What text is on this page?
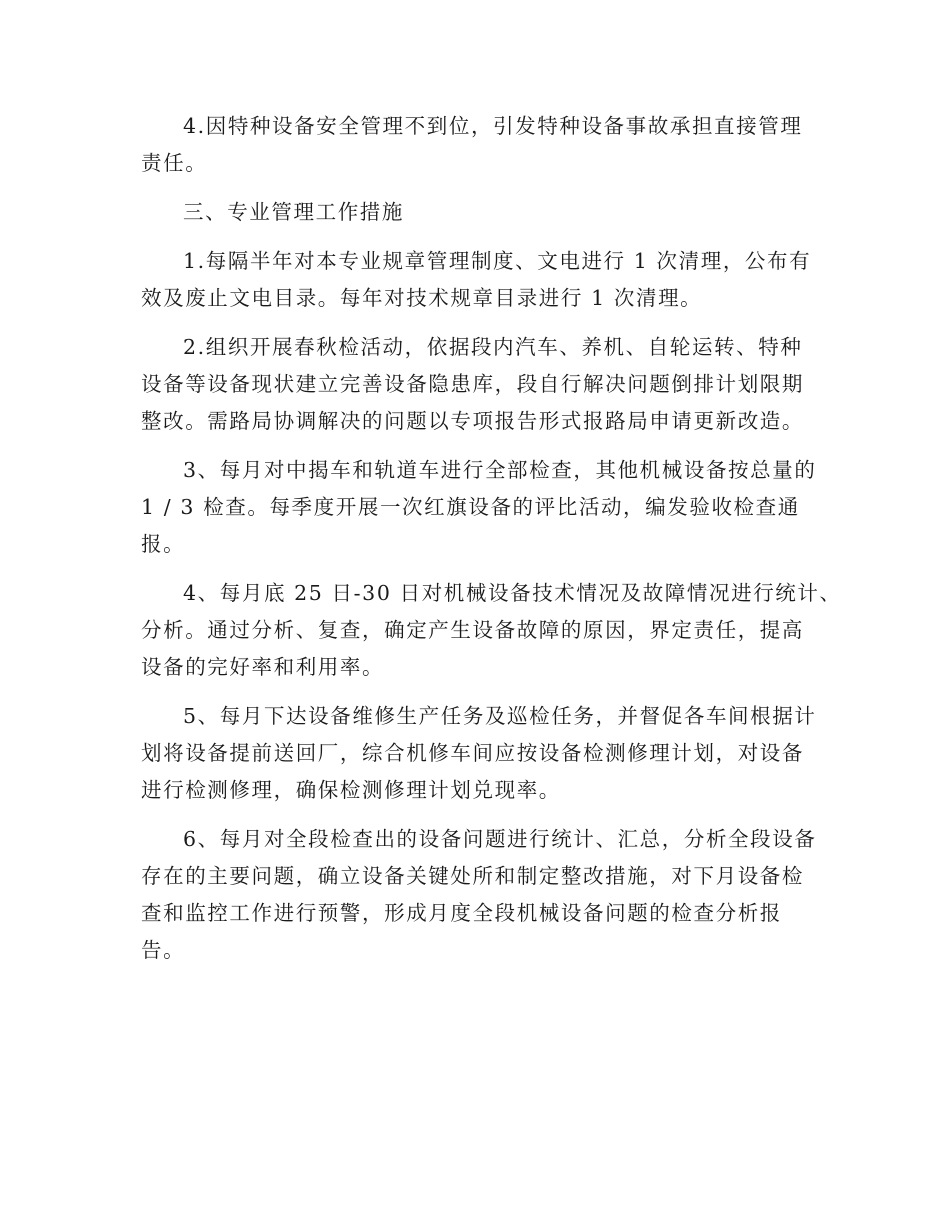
4.因特种设备安全管理不到位，引发特种设备事故承担直接管理
责任。
三、专业管理工作措施
1.每隔半年对本专业规章管理制度、文电进行 1 次清理，公布有
效及废止文电目录。每年对技术规章目录进行 1 次清理。
2.组织开展春秋检活动，依据段内汽车、养机、自轮运转、特种
设备等设备现状建立完善设备隐患库，段自行解决问题倒排计划限期
整改。需路局协调解决的问题以专项报告形式报路局申请更新改造。
3、每月对中揭车和轨道车进行全部检查，其他机械设备按总量的
1 / 3 检查。每季度开展一次红旗设备的评比活动，编发验收检查通
报。
4、每月底 25 日-30 日对机械设备技术情况及故障情况进行统计、
分析。通过分析、复查，确定产生设备故障的原因，界定责任，提高
设备的完好率和利用率。
5、每月下达设备维修生产任务及巡检任务，并督促各车间根据计
划将设备提前送回厂，综合机修车间应按设备检测修理计划，对设备
进行检测修理，确保检测修理计划兑现率。
6、每月对全段检查出的设备问题进行统计、汇总，分析全段设备
存在的主要问题，确立设备关键处所和制定整改措施，对下月设备检
查和监控工作进行预警，形成月度全段机械设备问题的检查分析报
告。
